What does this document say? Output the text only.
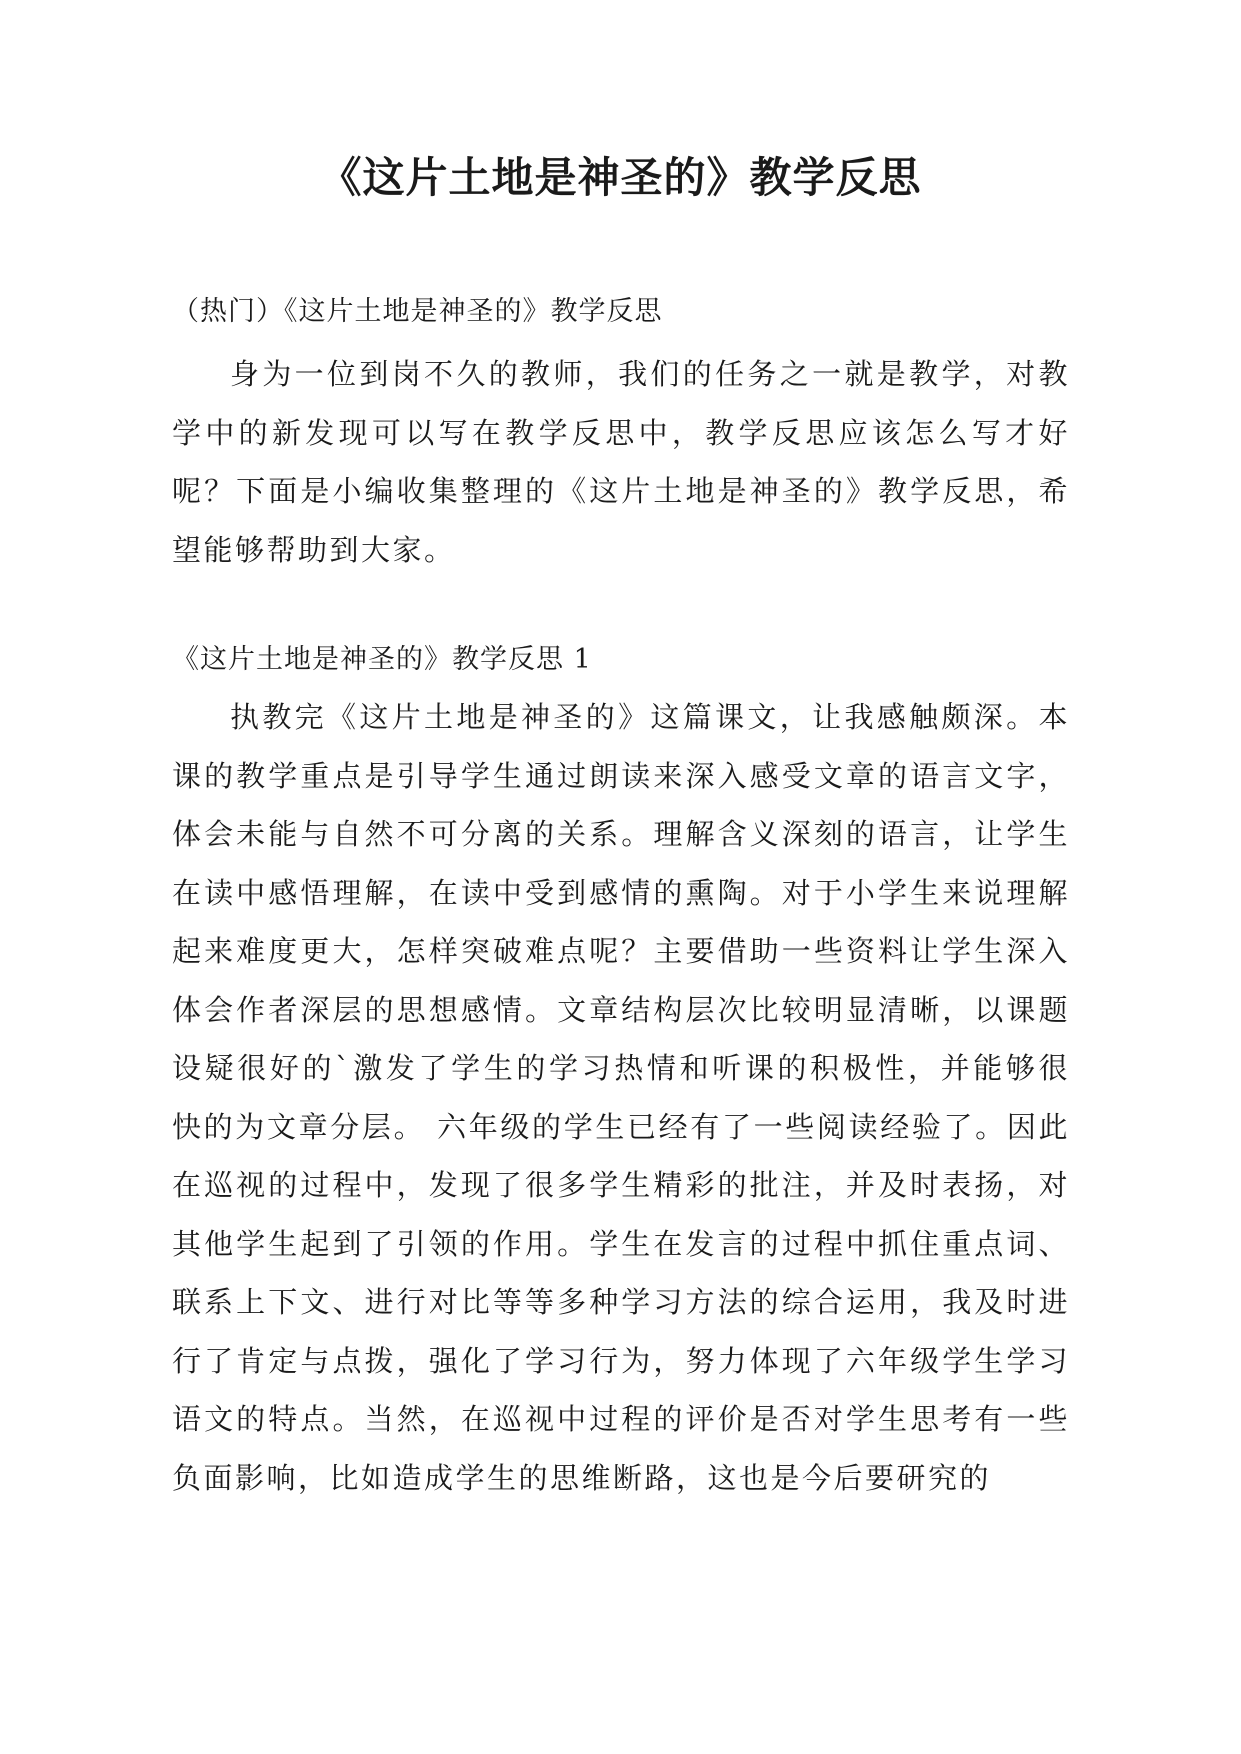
《这片土地是神圣的》教学反思

（热门）《这片土地是神圣的》教学反思

身为一位到岗不久的教师，我们的任务之一就是教学，对教学中的新发现可以写在教学反思中，教学反思应该怎么写才好呢？下面是小编收集整理的《这片土地是神圣的》教学反思，希望能够帮助到大家。

《这片土地是神圣的》教学反思 1

执教完《这片土地是神圣的》这篇课文，让我感触颇深。本课的教学重点是引导学生通过朗读来深入感受文章的语言文字，体会未能与自然不可分离的关系。理解含义深刻的语言，让学生在读中感悟理解，在读中受到感情的熏陶。对于小学生来说理解起来难度更大，怎样突破难点呢？主要借助一些资料让学生深入体会作者深层的思想感情。文章结构层次比较明显清晰，以课题设疑很好的`激发了学生的学习热情和听课的积极性，并能够很快的为文章分层。 六年级的学生已经有了一些阅读经验了。因此在巡视的过程中，发现了很多学生精彩的批注，并及时表扬，对其他学生起到了引领的作用。学生在发言的过程中抓住重点词、联系上下文、进行对比等等多种学习方法的综合运用，我及时进行了肯定与点拨，强化了学习行为，努力体现了六年级学生学习语文的特点。当然，在巡视中过程的评价是否对学生思考有一些负面影响，比如造成学生的思维断路，这也是今后要研究的
